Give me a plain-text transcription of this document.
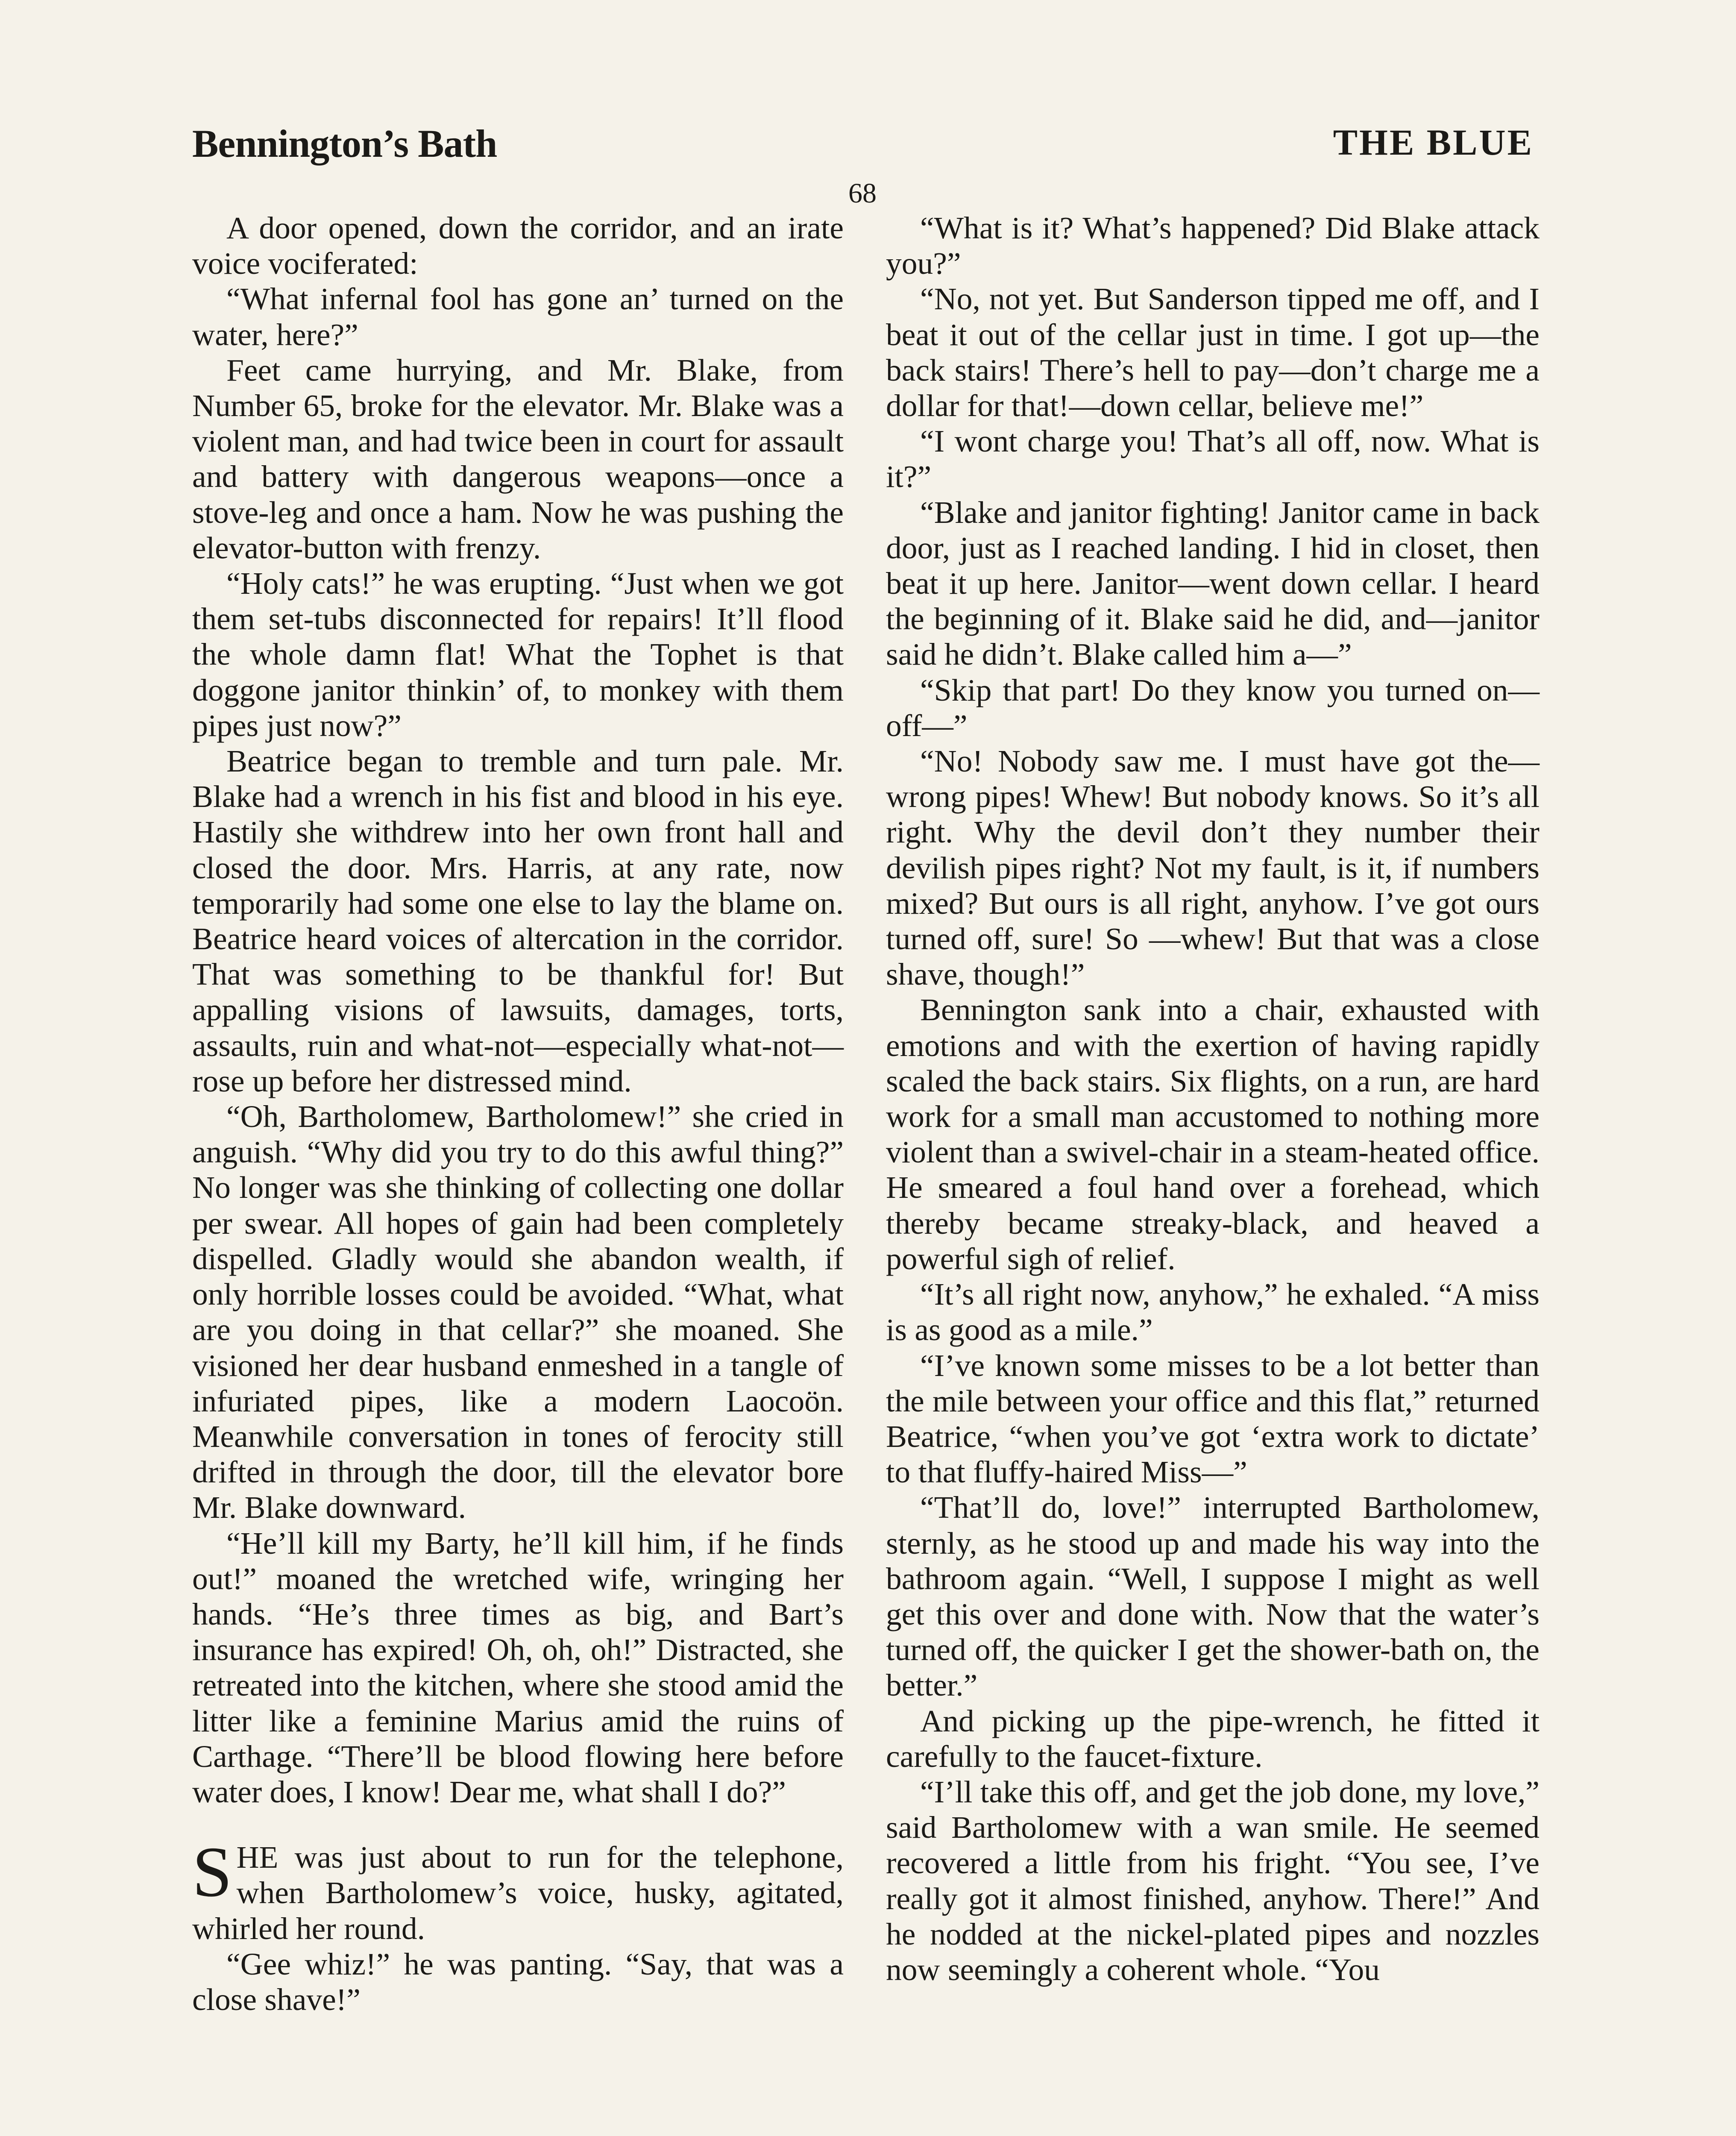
Bennington’s Bath	THE BLUE
68

A door opened, down the corridor, and an irate voice vociferated:

“What infernal fool has gone an’ turned on the water, here?”

Feet came hurrying, and Mr. Blake, from Number 65, broke for the elevator. Mr. Blake was a violent man, and had twice been in court for assault and battery with dangerous weapons—once a stove-leg and once a ham. Now he was pushing the elevator-button with frenzy.

“Holy cats!” he was erupting. “Just when we got them set-tubs disconnected for repairs! It’ll flood the whole damn flat! What the Tophet is that doggone janitor thinkin’ of, to monkey with them pipes just now?”

Beatrice began to tremble and turn pale. Mr. Blake had a wrench in his fist and blood in his eye. Hastily she withdrew into her own front hall and closed the door. Mrs. Harris, at any rate, now temporarily had some one else to lay the blame on. Beatrice heard voices of altercation in the corridor. That was something to be thankful for! But appalling visions of lawsuits, damages, torts, assaults, ruin and what-not—especially what-not—rose up before her distressed mind.

“Oh, Bartholomew, Bartholomew!” she cried in anguish. “Why did you try to do this awful thing?” No longer was she thinking of collecting one dollar per swear. All hopes of gain had been completely dispelled. Gladly would she abandon wealth, if only horrible losses could be avoided. “What, what are you doing in that cellar?” she moaned. She visioned her dear husband enmeshed in a tangle of infuriated pipes, like a modern Laocoön. Meanwhile conversation in tones of ferocity still drifted in through the door, till the elevator bore Mr. Blake downward.

“He’ll kill my Barty, he’ll kill him, if he finds out!” moaned the wretched wife, wringing her hands. “He’s three times as big, and Bart’s insurance has expired! Oh, oh, oh!” Distracted, she retreated into the kitchen, where she stood amid the litter like a feminine Marius amid the ruins of Carthage. “There’ll be blood flowing here before water does, I know! Dear me, what shall I do?”

SHE was just about to run for the telephone, when Bartholomew’s voice, husky, agitated, whirled her round.

“Gee whiz!” he was panting. “Say, that was a close shave!”

“What is it? What’s happened? Did Blake attack you?”

“No, not yet. But Sanderson tipped me off, and I beat it out of the cellar just in time. I got up—the back stairs! There’s hell to pay—don’t charge me a dollar for that!—down cellar, believe me!”

“I wont charge you! That’s all off, now. What is it?”

“Blake and janitor fighting! Janitor came in back door, just as I reached landing. I hid in closet, then beat it up here. Janitor—went down cellar. I heard the beginning of it. Blake said he did, and—janitor said he didn’t. Blake called him a—”

“Skip that part! Do they know you turned on—off—”

“No! Nobody saw me. I must have got the—wrong pipes! Whew! But nobody knows. So it’s all right. Why the devil don’t they number their devilish pipes right? Not my fault, is it, if numbers mixed? But ours is all right, anyhow. I’ve got ours turned off, sure! So —whew! But that was a close shave, though!”

Bennington sank into a chair, exhausted with emotions and with the exertion of having rapidly scaled the back stairs. Six flights, on a run, are hard work for a small man accustomed to nothing more violent than a swivel-chair in a steam-heated office. He smeared a foul hand over a forehead, which thereby became streaky-black, and heaved a powerful sigh of relief.

“It’s all right now, anyhow,” he exhaled. “A miss is as good as a mile.”

“I’ve known some misses to be a lot better than the mile between your office and this flat,” returned Beatrice, “when you’ve got ‘extra work to dictate’ to that fluffy-haired Miss—”

“That’ll do, love!” interrupted Bartholomew, sternly, as he stood up and made his way into the bathroom again. “Well, I suppose I might as well get this over and done with. Now that the water’s turned off, the quicker I get the shower-bath on, the better.”

And picking up the pipe-wrench, he fitted it carefully to the faucet-fixture.

“I’ll take this off, and get the job done, my love,” said Bartholomew with a wan smile. He seemed recovered a little from his fright. “You see, I’ve really got it almost finished, anyhow. There!” And he nodded at the nickel-plated pipes and nozzles now seemingly a coherent whole. “You
